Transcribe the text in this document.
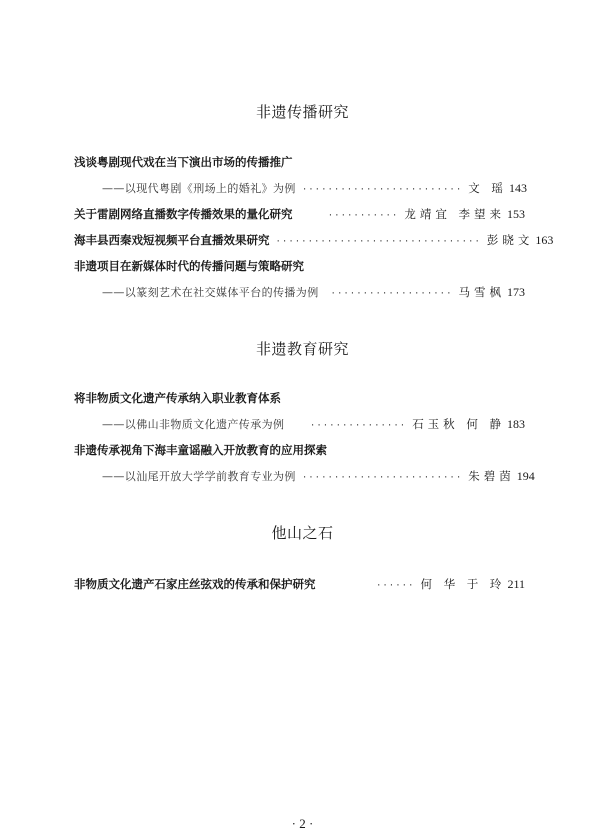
非遗传播研究
浅谈粤剧现代戏在当下演出市场的传播推广
——以现代粤剧《刑场上的婚礼》为例 ························· 文 瑶 143
关于雷剧网络直播数字传播效果的量化研究	··········· 龙靖宜 李望来 153
海丰县西秦戏短视频平台直播效果研究 ································ 彭晓文 163
非遗项目在新媒体时代的传播问题与策略研究
——以篆刻艺术在社交媒体平台的传播为例	··················· 马雪枫 173
非遗教育研究
将非物质文化遗产传承纳入职业教育体系
——以佛山非物质文化遗产传承为例	··············· 石玉秋 何 静 183
非遗传承视角下海丰童谣融入开放教育的应用探索
——以汕尾开放大学学前教育专业为例 ························· 朱碧茵 194
他山之石
非物质文化遗产石家庄丝弦戏的传承和保护研究	······ 何 华 于 玲 211
· 2 ·
